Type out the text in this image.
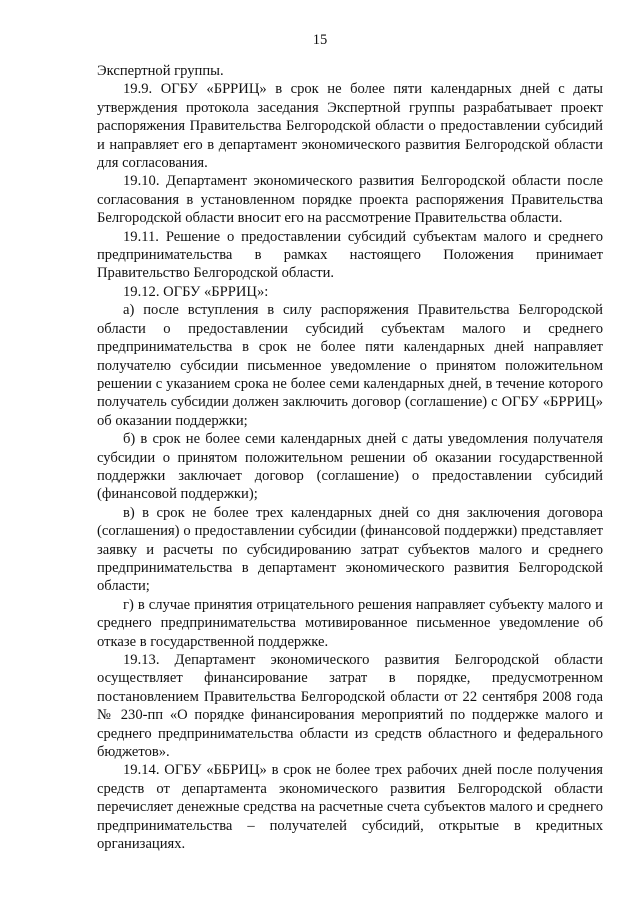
15

Экспертной группы.

19.9. ОГБУ «БРРИЦ» в срок не более пяти календарных дней с даты утверждения протокола заседания Экспертной группы разрабатывает проект распоряжения Правительства Белгородской области о предоставлении субсидий и направляет его в департамент экономического развития Белгородской области для согласования.

19.10. Департамент экономического развития Белгородской области после согласования в установленном порядке проекта распоряжения Правительства Белгородской области вносит его на рассмотрение Правительства области.

19.11. Решение о предоставлении субсидий субъектам малого и среднего предпринимательства в рамках настоящего Положения принимает Правительство Белгородской области.

19.12. ОГБУ «БРРИЦ»:

а) после вступления в силу распоряжения Правительства Белгородской области о предоставлении субсидий субъектам малого и среднего предпринимательства в срок не более пяти календарных дней направляет получателю субсидии письменное уведомление о принятом положительном решении с указанием срока не более семи календарных дней, в течение которого получатель субсидии должен заключить договор (соглашение) с ОГБУ «БРРИЦ» об оказании поддержки;

б) в срок не более семи календарных дней с даты уведомления получателя субсидии о принятом положительном решении об оказании государственной поддержки заключает договор (соглашение) о предоставлении субсидий (финансовой поддержки);

в) в срок не более трех календарных дней со дня заключения договора (соглашения) о предоставлении субсидии (финансовой поддержки) представляет заявку и расчеты по субсидированию затрат субъектов малого и среднего предпринимательства в департамент экономического развития Белгородской области;

г) в случае принятия отрицательного решения направляет субъекту малого и среднего предпринимательства мотивированное письменное уведомление об отказе в государственной поддержке.

19.13. Департамент экономического развития Белгородской области осуществляет финансирование затрат в порядке, предусмотренном постановлением Правительства Белгородской области от 22 сентября 2008 года № 230-пп «О порядке финансирования мероприятий по поддержке малого и среднего предпринимательства области из средств областного и федерального бюджетов».

19.14. ОГБУ «ББРИЦ» в срок не более трех рабочих дней после получения средств от департамента экономического развития Белгородской области перечисляет денежные средства на расчетные счета субъектов малого и среднего предпринимательства – получателей субсидий, открытые в кредитных организациях.
